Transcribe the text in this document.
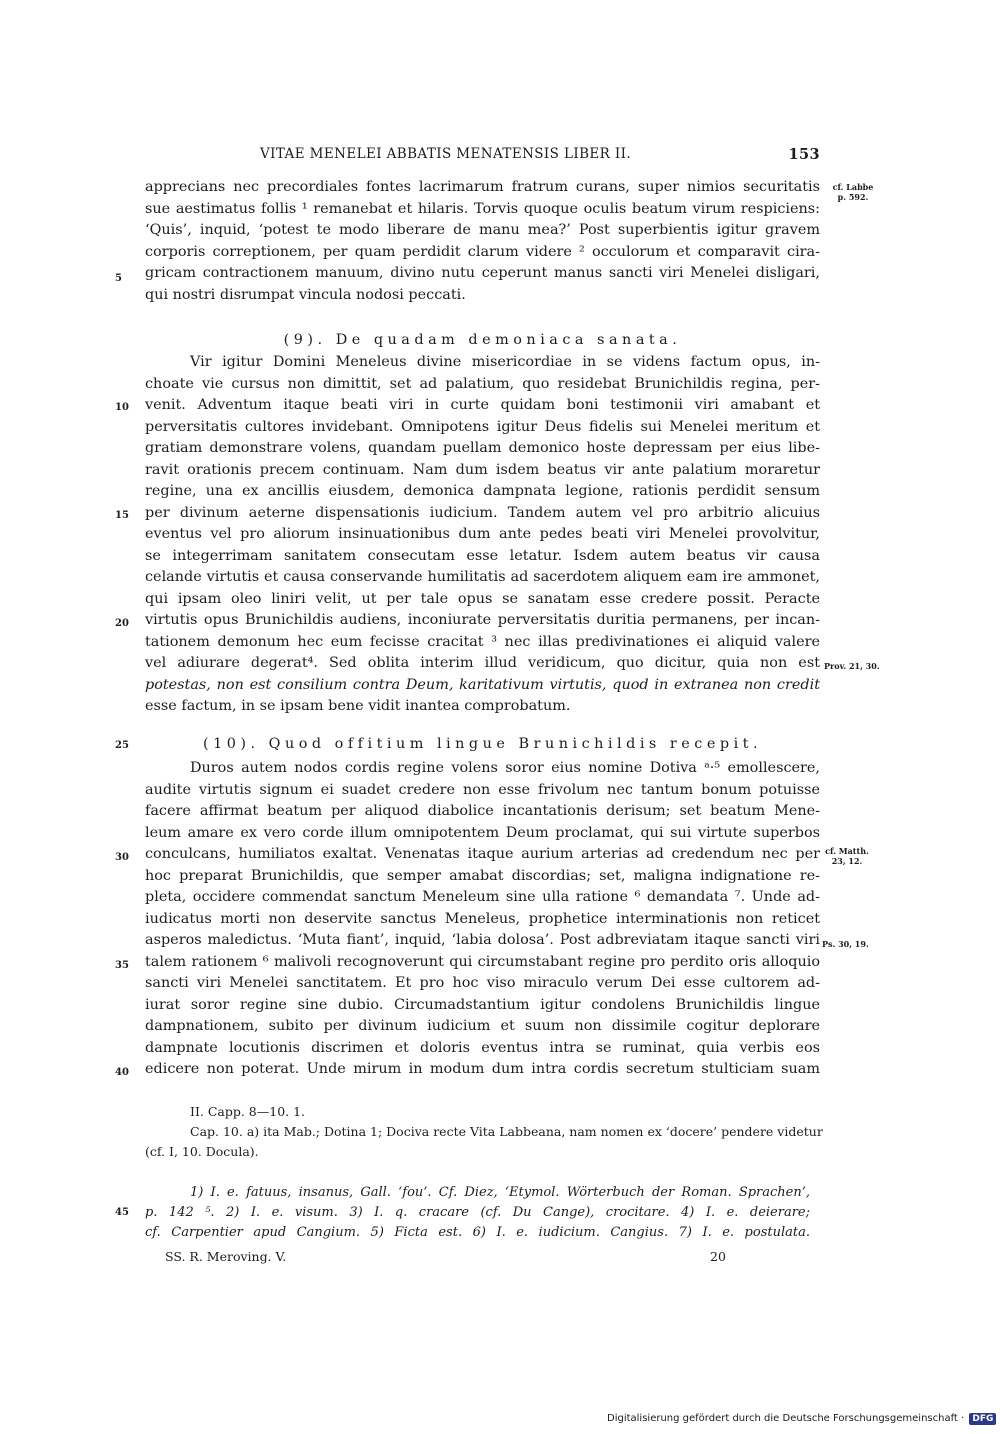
VITAE MENELEI ABBATIS MENATENSIS LIBER II.	153
apprecians nec precordiales fontes lacrimarum fratrum curans, super nimios securitatis
sue aestimatus follis ¹ remanebat et hilaris. Torvis quoque oculis beatum virum respiciens:
‘Quis’, inquid, ‘potest te modo liberare de manu mea?’ Post superbientis igitur gravem
corporis correptionem, per quam perdidit clarum videre ² occulorum et comparavit cira-
gricam contractionem manuum, divino nutu ceperunt manus sancti viri Menelei disligari,
qui nostri disrumpat vincula nodosi peccati.
(9). De quadam demoniaca sanata.
Vir igitur Domini Meneleus divine misericordiae in se videns factum opus, in-
choate vie cursus non dimittit, set ad palatium, quo residebat Brunichildis regina, per-
venit. Adventum itaque beati viri in curte quidam boni testimonii viri amabant et
perversitatis cultores invidebant. Omnipotens igitur Deus fidelis sui Menelei meritum et
gratiam demonstrare volens, quandam puellam demonico hoste depressam per eius libe-
ravit orationis precem continuam. Nam dum isdem beatus vir ante palatium moraretur
regine, una ex ancillis eiusdem, demonica dampnata legione, rationis perdidit sensum
per divinum aeterne dispensationis iudicium. Tandem autem vel pro arbitrio alicuius
eventus vel pro aliorum insinuationibus dum ante pedes beati viri Menelei provolvitur,
se integerrimam sanitatem consecutam esse letatur. Isdem autem beatus vir causa
celande virtutis et causa conservande humilitatis ad sacerdotem aliquem eam ire ammonet,
qui ipsam oleo liniri velit, ut per tale opus se sanatam esse credere possit. Peracte
virtutis opus Brunichildis audiens, inconiurate perversitatis duritia permanens, per incan-
tationem demonum hec eum fecisse cracitat ³ nec illas predivinationes ei aliquid valere
vel adiurare degerat⁴. Sed oblita interim illud veridicum, quo dicitur, quia non est
potestas, non est consilium contra Deum, karitativum virtutis, quod in extranea non credit
esse factum, in se ipsam bene vidit inantea comprobatum.
(10). Quod offitium lingue Brunichildis recepit.
Duros autem nodos cordis regine volens soror eius nomine Dotiva ᵃ·⁵ emollescere,
audite virtutis signum ei suadet credere non esse frivolum nec tantum bonum potuisse
facere affirmat beatum per aliquod diabolice incantationis derisum; set beatum Mene-
leum amare ex vero corde illum omnipotentem Deum proclamat, qui sui virtute superbos
conculcans, humiliatos exaltat. Venenatas itaque aurium arterias ad credendum nec per
hoc preparat Brunichildis, que semper amabat discordias; set, maligna indignatione re-
pleta, occidere commendat sanctum Meneleum sine ulla ratione ⁶ demandata ⁷. Unde ad-
iudicatus morti non deservite sanctus Meneleus, prophetice interminationis non reticet
asperos maledictus. ‘Muta fiant’, inquid, ‘labia dolosa’. Post adbreviatam itaque sancti viri
talem rationem ⁶ malivoli recognoverunt qui circumstabant regine pro perdito oris alloquio
sancti viri Menelei sanctitatem. Et pro hoc viso miraculo verum Dei esse cultorem ad-
iurat soror regine sine dubio. Circumadstantium igitur condolens Brunichildis lingue
dampnationem, subito per divinum iudicium et suum non dissimile cogitur deplorare
dampnate locutionis discrimen et doloris eventus intra se ruminat, quia verbis eos
edicere non poterat. Unde mirum in modum dum intra cordis secretum stulticiam suam
5
10
15
20
25
30
35
40
45
cf. Labbe p. 592.
Prov. 21, 30.
cf. Matth. 23, 12.
Ps. 30, 19.
II. Capp. 8—10. 1.
Cap. 10. a) ita Mab.; Dotina 1; Dociva recte Vita Labbeana, nam nomen ex ‘docere’ pendere videtur
(cf. I, 10. Docula).
1) I. e. fatuus, insanus, Gall. ‘fou’. Cf. Diez, ‘Etymol. Wörterbuch der Roman. Sprachen’,
p. 142 ⁵. 2) I. e. visum. 3) I. q. cracare (cf. Du Cange), crocitare. 4) I. e. deierare;
cf. Carpentier apud Cangium. 5) Ficta est. 6) I. e. iudicium. Cangius. 7) I. e. postulata.
SS. R. Meroving. V.	20
Digitalisierung gefördert durch die Deutsche Forschungsgemeinschaft · DFG
